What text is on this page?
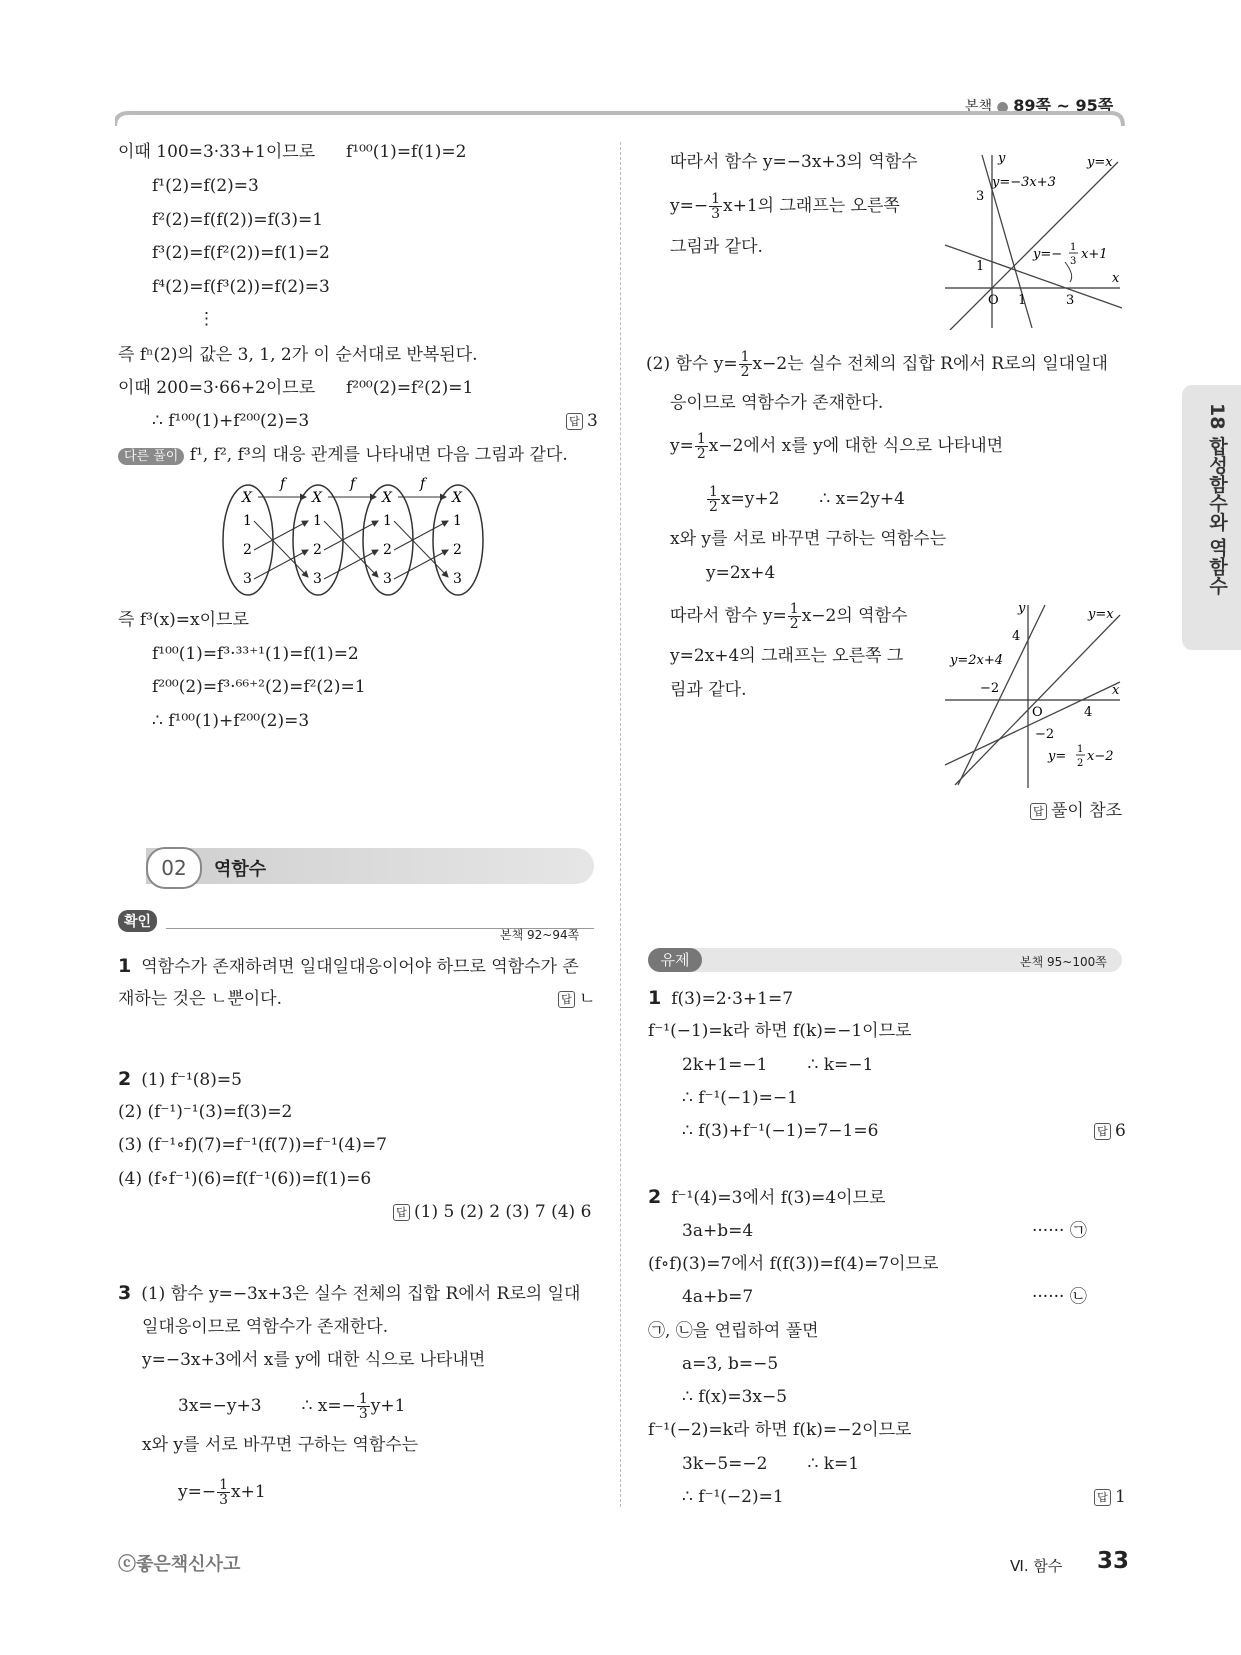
본책 ● 89쪽 ~ 95쪽
18 합성함수와 역함수
이때 100=3·33+1이므로 f¹⁰⁰(1)=f(1)=2
f¹(2)=f(2)=3
f²(2)=f(f(2))=f(3)=1
f³(2)=f(f²(2))=f(1)=2
f⁴(2)=f(f³(2))=f(2)=3
⋮
즉 fⁿ(2)의 값은 3, 1, 2가 이 순서대로 반복된다.
이때 200=3·66+2이므로 f²⁰⁰(2)=f²(2)=1
∴ f¹⁰⁰(1)+f²⁰⁰(2)=3	답 3
다른 풀이 f¹, f², f³의 대응 관계를 나타내면 다음 그림과 같다.
X	X	X	X
f	f	f
1
2
3
1
2
3
1
2
3
1
2
3
즉 f³(x)=x이므로
f¹⁰⁰(1)=f³·³³⁺¹(1)=f(1)=2
f²⁰⁰(2)=f³·⁶⁶⁺²(2)=f²(2)=1
∴ f¹⁰⁰(1)+f²⁰⁰(2)=3
02	역함수
확인
본책 92~94쪽
1 역함수가 존재하려면 일대일대응이어야 하므로 역함수가 존
재하는 것은 ㄴ뿐이다.	답 ㄴ
2 (1) f⁻¹(8)=5
(2) (f⁻¹)⁻¹(3)=f(3)=2
(3) (f⁻¹∘f)(7)=f⁻¹(f(7))=f⁻¹(4)=7
(4) (f∘f⁻¹)(6)=f(f⁻¹(6))=f(1)=6
답 (1) 5 (2) 2 (3) 7 (4) 6
3 (1) 함수 y=−3x+3은 실수 전체의 집합 R에서 R로의 일대
일대응이므로 역함수가 존재한다.
y=−3x+3에서 x를 y에 대한 식으로 나타내면
3x=−y+3 ∴ $x=- \frac{1}{3} y+1$
x와 y를 서로 바꾸면 구하는 역함수는
$y=- \frac{1}{3} x+1$
따라서 함수 y=−3x+3의 역함수
$y=- \frac{1}{3} x+1$의 그래프는 오른쪽
그림과 같다.
x
y
O
3
1
1	3
y=x
y=−3x+3
y=− 1
3 x+1
(2) 함수 $y= \frac{1}{2} x-2$는 실수 전체의 집합 R에서 R로의 일대일대
응이므로 역함수가 존재한다.
$y= \frac{1}{2} x-2$에서 x를 y에 대한 식으로 나타내면
$\frac{1}{2} x=y+2$ ∴ x=2y+4
x와 y를 서로 바꾸면 구하는 역함수는
y=2x+4
따라서 함수 $y= \frac{1}{2} x-2$의 역함수
y=2x+4의 그래프는 오른쪽 그
림과 같다.	x
y
O
4
−2
4
−2
y=x
y=2x+4
y= 1
2 x−2
답 풀이 참조
유제	본책 95~100쪽
1 f(3)=2·3+1=7
f⁻¹(−1)=k라 하면 f(k)=−1이므로
2k+1=−1 ∴ k=−1
∴ f⁻¹(−1)=−1
∴ f(3)+f⁻¹(−1)=7−1=6	답 6
2 f⁻¹(4)=3에서 f(3)=4이므로
3a+b=4	······ ㉠
(f∘f)(3)=7에서 f(f(3))=f(4)=7이므로
4a+b=7	······ ㉡
㉠, ㉡을 연립하여 풀면
a=3, b=−5
∴ f(x)=3x−5
f⁻¹(−2)=k라 하면 f(k)=−2이므로
3k−5=−2 ∴ k=1
∴ f⁻¹(−2)=1	답 1
ⓒ좋은책신사고	Ⅵ. 함수 33
